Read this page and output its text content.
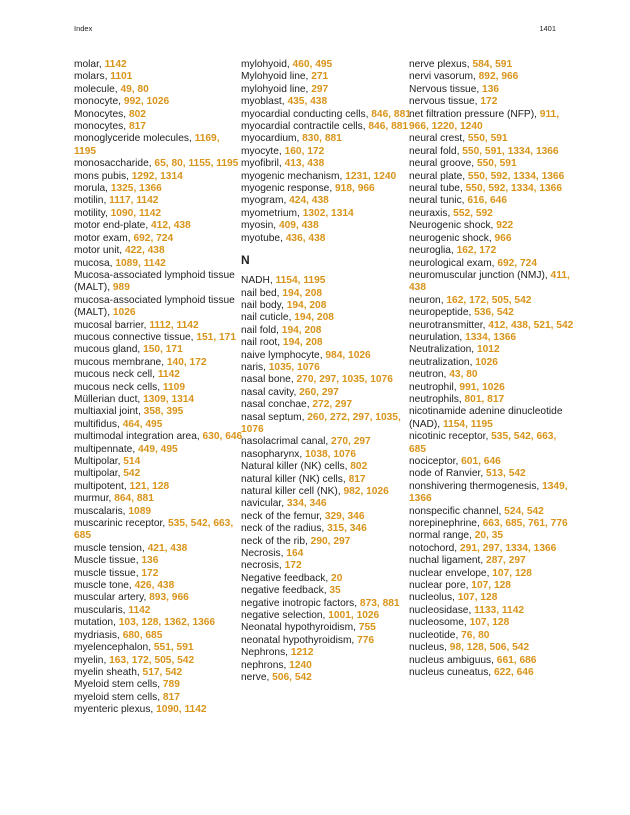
Index	1401
molar, 1142
molars, 1101
molecule, 49, 80
monocyte, 992, 1026
Monocytes, 802
monocytes, 817
monoglyceride molecules, 1169, 1195
monosaccharide, 65, 80, 1155, 1195
mons pubis, 1292, 1314
morula, 1325, 1366
motilin, 1117, 1142
motility, 1090, 1142
motor end-plate, 412, 438
motor exam, 692, 724
motor unit, 422, 438
mucosa, 1089, 1142
Mucosa-associated lymphoid tissue (MALT), 989
mucosa-associated lymphoid tissue (MALT), 1026
mucosal barrier, 1112, 1142
mucous connective tissue, 151, 171
mucous gland, 150, 171
mucous membrane, 140, 172
mucous neck cell, 1142
mucous neck cells, 1109
Müllerian duct, 1309, 1314
multiaxial joint, 358, 395
multifidus, 464, 495
multimodal integration area, 630, 646
multipennate, 449, 495
Multipolar, 514
multipolar, 542
multipotent, 121, 128
murmur, 864, 881
muscalaris, 1089
muscarinic receptor, 535, 542, 663, 685
muscle tension, 421, 438
Muscle tissue, 136
muscle tissue, 172
muscle tone, 426, 438
muscular artery, 893, 966
muscularis, 1142
mutation, 103, 128, 1362, 1366
mydriasis, 680, 685
myelencephalon, 551, 591
myelin, 163, 172, 505, 542
myelin sheath, 517, 542
Myeloid stem cells, 789
myeloid stem cells, 817
myenteric plexus, 1090, 1142
mylohyoid, 460, 495
Mylohyoid line, 271
mylohyoid line, 297
myoblast, 435, 438
myocardial conducting cells, 846, 881
myocardial contractile cells, 846, 881
myocardium, 830, 881
myocyte, 160, 172
myofibril, 413, 438
myogenic mechanism, 1231, 1240
myogenic response, 918, 966
myogram, 424, 438
myometrium, 1302, 1314
myosin, 409, 438
myotube, 436, 438
N
NADH, 1154, 1195
nail bed, 194, 208
nail body, 194, 208
nail cuticle, 194, 208
nail fold, 194, 208
nail root, 194, 208
naive lymphocyte, 984, 1026
naris, 1035, 1076
nasal bone, 270, 297, 1035, 1076
nasal cavity, 260, 297
nasal conchae, 272, 297
nasal septum, 260, 272, 297, 1035, 1076
nasolacrimal canal, 270, 297
nasopharynx, 1038, 1076
Natural killer (NK) cells, 802
natural killer (NK) cells, 817
natural killer cell (NK), 982, 1026
navicular, 334, 346
neck of the femur, 329, 346
neck of the radius, 315, 346
neck of the rib, 290, 297
Necrosis, 164
necrosis, 172
Negative feedback, 20
negative feedback, 35
negative inotropic factors, 873, 881
negative selection, 1001, 1026
Neonatal hypothyroidism, 755
neonatal hypothyroidism, 776
Nephrons, 1212
nephrons, 1240
nerve, 506, 542
nerve plexus, 584, 591
nervi vasorum, 892, 966
Nervous tissue, 136
nervous tissue, 172
net filtration pressure (NFP), 911, 966, 1220, 1240
neural crest, 550, 591
neural fold, 550, 591, 1334, 1366
neural groove, 550, 591
neural plate, 550, 592, 1334, 1366
neural tube, 550, 592, 1334, 1366
neural tunic, 616, 646
neuraxis, 552, 592
Neurogenic shock, 922
neurogenic shock, 966
neuroglia, 162, 172
neurological exam, 692, 724
neuromuscular junction (NMJ), 411, 438
neuron, 162, 172, 505, 542
neuropeptide, 536, 542
neurotransmitter, 412, 438, 521, 542
neurulation, 1334, 1366
Neutralization, 1012
neutralization, 1026
neutron, 43, 80
neutrophil, 991, 1026
neutrophils, 801, 817
nicotinamide adenine dinucleotide (NAD), 1154, 1195
nicotinic receptor, 535, 542, 663, 685
nociceptor, 601, 646
node of Ranvier, 513, 542
nonshivering thermogenesis, 1349, 1366
nonspecific channel, 524, 542
norepinephrine, 663, 685, 761, 776
normal range, 20, 35
notochord, 291, 297, 1334, 1366
nuchal ligament, 287, 297
nuclear envelope, 107, 128
nuclear pore, 107, 128
nucleolus, 107, 128
nucleosidase, 1133, 1142
nucleosome, 107, 128
nucleotide, 76, 80
nucleus, 98, 128, 506, 542
nucleus ambiguus, 661, 686
nucleus cuneatus, 622, 646
